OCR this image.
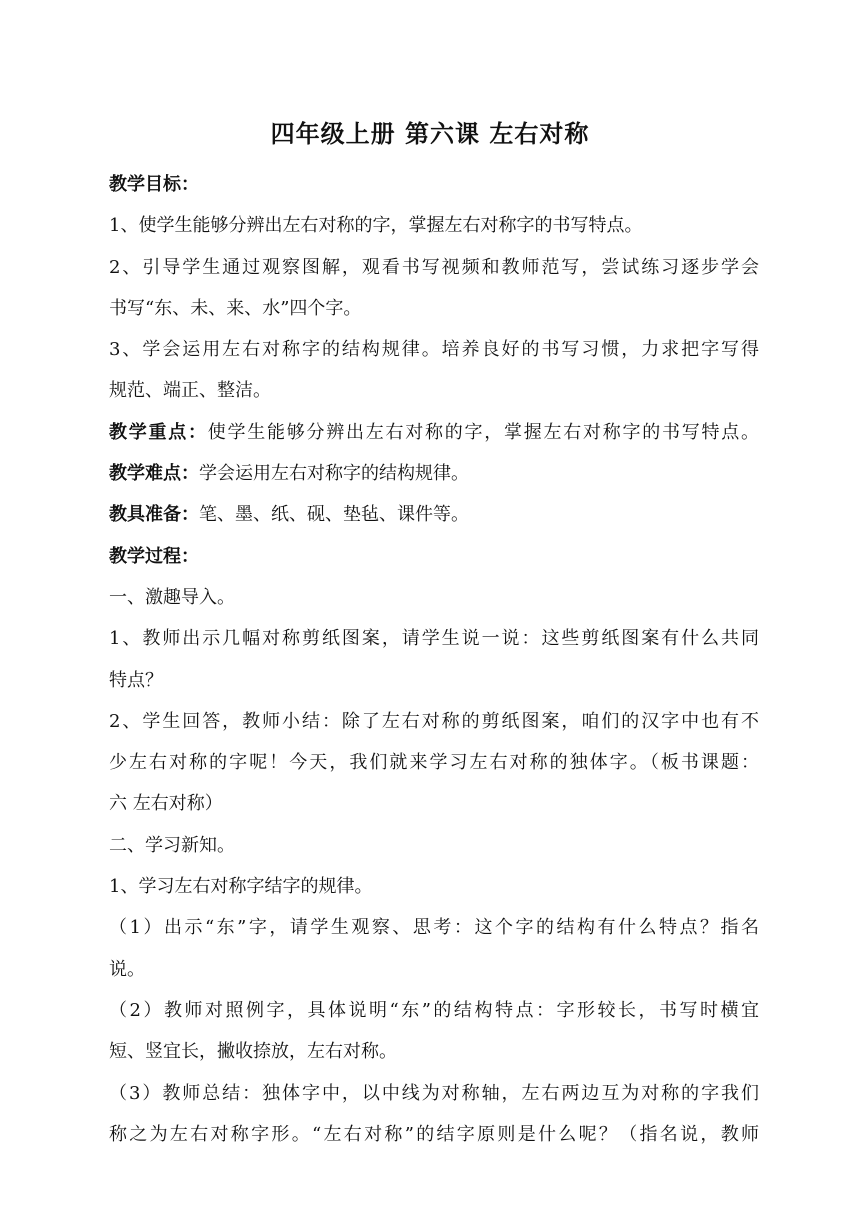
四年级上册 第六课 左右对称
教学目标：
1、使学生能够分辨出左右对称的字，掌握左右对称字的书写特点。
2、引导学生通过观察图解，观看书写视频和教师范写，尝试练习逐步学会
书写“东、未、来、水”四个字。
3、学会运用左右对称字的结构规律。培养良好的书写习惯，力求把字写得
规范、端正、整洁。
教学重点：使学生能够分辨出左右对称的字，掌握左右对称字的书写特点。
教学难点：学会运用左右对称字的结构规律。
教具准备：笔、墨、纸、砚、垫毡、课件等。
教学过程：
一、激趣导入。
1、教师出示几幅对称剪纸图案，请学生说一说：这些剪纸图案有什么共同
特点？
2、学生回答，教师小结：除了左右对称的剪纸图案，咱们的汉字中也有不
少左右对称的字呢！今天，我们就来学习左右对称的独体字。（板书课题：
六 左右对称）
二、学习新知。
1、学习左右对称字结字的规律。
（1）出示“东”字，请学生观察、思考：这个字的结构有什么特点？指名
说。
（2）教师对照例字，具体说明“东”的结构特点：字形较长，书写时横宜
短、竖宜长，撇收捺放，左右对称。
（3）教师总结：独体字中，以中线为对称轴，左右两边互为对称的字我们
称之为左右对称字形。“左右对称”的结字原则是什么呢？（指名说，教师
